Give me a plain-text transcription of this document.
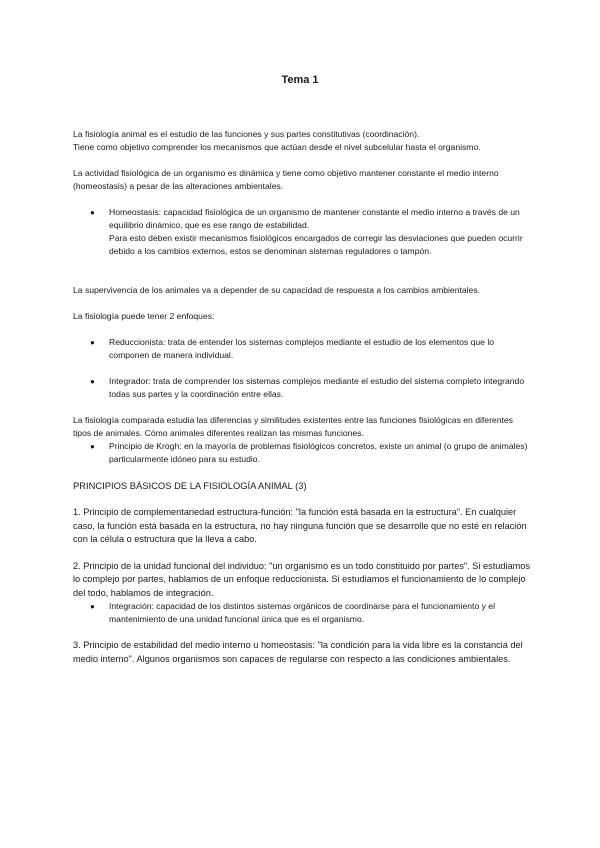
Tema 1

La fisiología animal es el estudio de las funciones y sus partes constitutivas (coordinación).

Tiene como objetivo comprender los mecanismos que actúan desde el nivel subcelular hasta el organismo.

La actividad fisiológica de un organismo es dinámica y tiene como objetivo mantener constante el medio interno (homeostasis) a pesar de las alteraciones ambientales.

● Homeostasis: capacidad fisiológica de un organismo de mantener constante el medio interno a través de un equilibrio dinámico, que es ese rango de estabilidad.

Para esto deben existir mecanismos fisiológicos encargados de corregir las desviaciones que pueden ocurrir debido a los cambios externos, estos se denominan sistemas reguladores o tampón.

La supervivencia de los animales va a depender de su capacidad de respuesta a los cambios ambientales.

La fisiología puede tener 2 enfoques:

● Reduccionista: trata de entender los sistemas complejos mediante el estudio de los elementos que lo componen de manera individual.

● Integrador: trata de comprender los sistemas complejos mediante el estudio del sistema completo integrando todas sus partes y la coordinación entre ellas.

La fisiología comparada estudia las diferencias y similitudes existentes entre las funciones fisiológicas en diferentes tipos de animales. Cómo animales diferentes realizan las mismas funciones.

● Principio de Krogh: en la mayoría de problemas fisiológicos concretos, existe un animal (o grupo de animales) particularmente idóneo para su estudio.

PRINCIPIOS BÁSICOS DE LA FISIOLOGÍA ANIMAL (3)

1. Principio de complementariedad estructura-función: "la función está basada en la estructura". En cualquier caso, la función está basada en la estructura, no hay ninguna función que se desarrolle que no esté en relación con la célula o estructura que la lleva a cabo.

2. Principio de la unidad funcional del individuo: "un organismo es un todo constituido por partes". Si estudiamos lo complejo por partes, hablamos de un enfoque reduccionista. Si estudiamos el funcionamiento de lo complejo del todo, hablamos de integración.

● Integración: capacidad de los distintos sistemas orgánicos de coordinarse para el funcionamiento y el mantenimiento de una unidad funcional única que es el organismo.

3. Principio de estabilidad del medio interno u homeostasis: "la condición para la vida libre es la constancia del medio interno". Algunos organismos son capaces de regularse con respecto a las condiciones ambientales.
